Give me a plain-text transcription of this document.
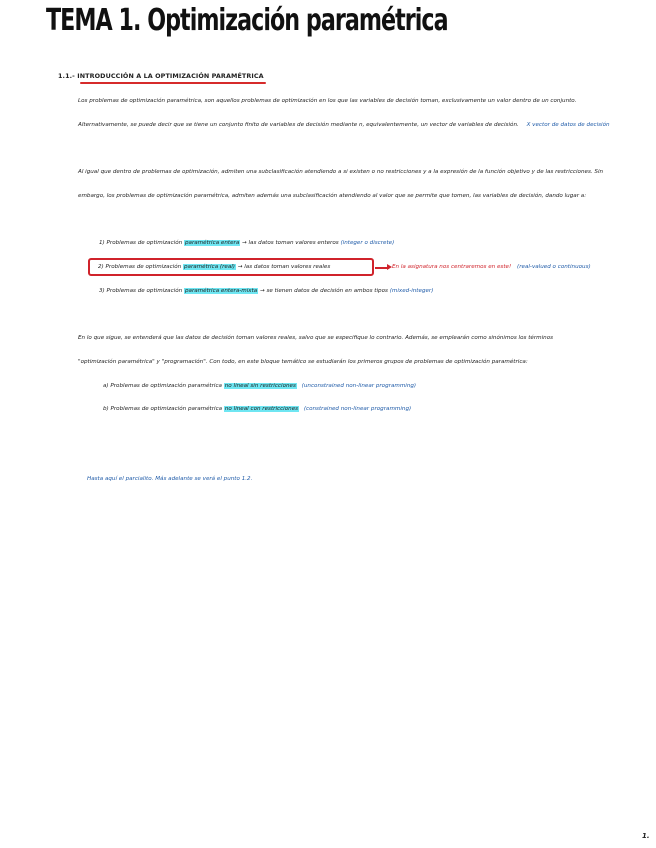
TEMA 1. Optimización paramétrica
1.1.- INTRODUCCIÓN A LA OPTIMIZACIÓN PARAMÉTRICA
Los problemas de optimización paramétrica, son aquellos problemas de optimización en los que las variables de decisión toman, exclusivamente un valor dentro de un conjunto.
Alternativamente, se puede decir que se tiene un conjunto finito de variables de decisión mediante n, equivalentemente, un vector de variables de decisión. X vector de datos de decisión
Al igual que dentro de problemas de optimización, admiten una subclasificación atendiendo a si existen o no restricciones y a la expresión de la función objetivo y de las restricciones. Sin
embargo, los problemas de optimización paramétrica, admiten además una subclasificación atendiendo al valor que se permite que tomen, las variables de decisión, dando lugar a:
1) Problemas de optimización paramétrica entera → las datos toman valores enteros (integer o discrete)
2) Problemas de optimización paramétrica (real) → las datos toman valores reales	En la asignatura nos centraremos en este! (real-valued o continuous)
3) Problemas de optimización paramétrica entera-mixta → se tienen datos de decisión en ambos tipos (mixed-integer)
En lo que sigue, se entenderá que las datos de decisión toman valores reales, salvo que se especifique lo contrario. Además, se emplearán como sinónimos los términos
"optimización paramétrica" y "programación". Con todo, en este bloque temático se estudiarán los primeros grupos de problemas de optimización paramétrica:
a) Problemas de optimización paramétrica no lineal sin restricciones (unconstrained non-linear programming)
b) Problemas de optimización paramétrica no lineal con restricciones (constrained non-linear programming)
Hasta aquí el parcialito. Más adelante se verá el punto 1.2.
1.
